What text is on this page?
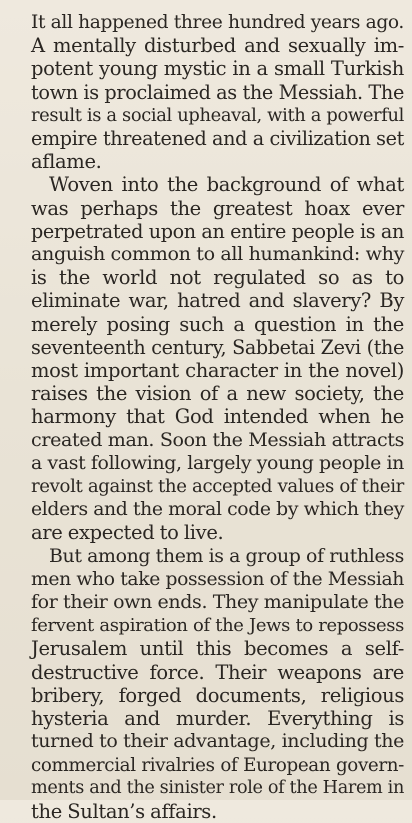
It all happened three hundred years ago.
A mentally disturbed and sexually im-
potent young mystic in a small Turkish
town is proclaimed as the Messiah. The
result is a social upheaval, with a powerful
empire threatened and a civilization set
aflame.

Woven into the background of what
was perhaps the greatest hoax ever
perpetrated upon an entire people is an
anguish common to all humankind: why
is the world not regulated so as to
eliminate war, hatred and slavery? By
merely posing such a question in the
seventeenth century, Sabbetai Zevi (the
most important character in the novel)
raises the vision of a new society, the
harmony that God intended when he
created man. Soon the Messiah attracts
a vast following, largely young people in
revolt against the accepted values of their
elders and the moral code by which they
are expected to live.

But among them is a group of ruthless
men who take possession of the Messiah
for their own ends. They manipulate the
fervent aspiration of the Jews to repossess
Jerusalem until this becomes a self-
destructive force. Their weapons are
bribery, forged documents, religious
hysteria and murder. Everything is
turned to their advantage, including the
commercial rivalries of European govern-
ments and the sinister role of the Harem in
the Sultan’s affairs.
